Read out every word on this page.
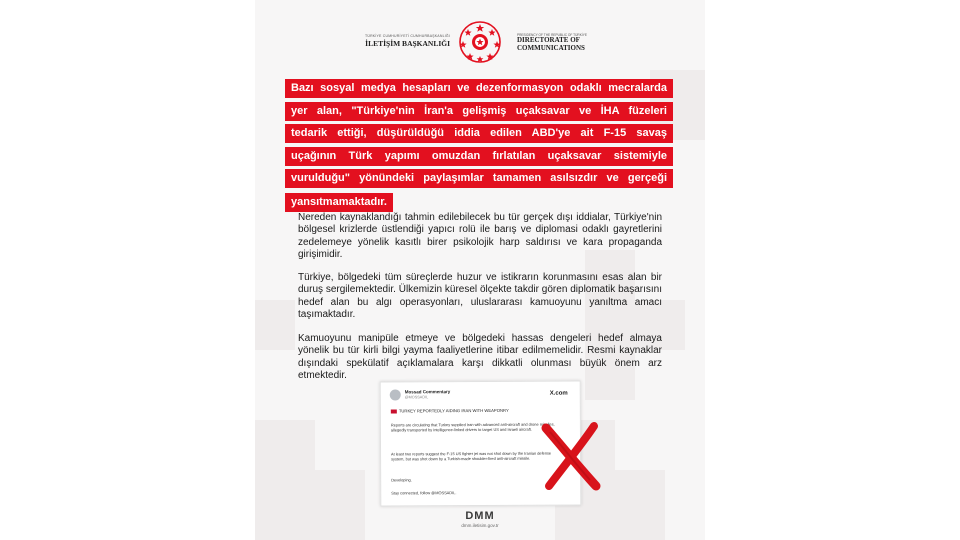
TÜRKİYE CUMHURİYETİ CUMHURBAŞKANLIĞI
İLETİŞİM BAŞKANLIĞI
PRESIDENCY OF THE REPUBLIC OF TÜRKİYE
DIRECTORATE OF
COMMUNICATIONS
Bazı sosyal medya hesapları ve dezenformasyon odaklı mecralarda
yer alan, "Türkiye'nin İran'a gelişmiş uçaksavar ve İHA füzeleri
tedarik ettiği, düşürüldüğü iddia edilen ABD'ye ait F-15 savaş
uçağının Türk yapımı omuzdan fırlatılan uçaksavar sistemiyle
vurulduğu" yönündeki paylaşımlar tamamen asılsızdır ve gerçeği
yansıtmamaktadır.

Nereden kaynaklandığı tahmin edilebilecek bu tür gerçek dışı iddialar, Türkiye'nin bölgesel krizlerde üstlendiği yapıcı rolü ile barış ve diplomasi odaklı gayretlerini zedelemeye yönelik kasıtlı birer psikolojik harp saldırısı ve kara propaganda girişimidir.

Türkiye, bölgedeki tüm süreçlerde huzur ve istikrarın korunmasını esas alan bir duruş sergilemektedir. Ülkemizin küresel ölçekte takdir gören diplomatik başarısını hedef alan bu algı operasyonları, uluslararası kamuoyunu yanıltma amacı taşımaktadır.

Kamuoyunu manipüle etmeye ve bölgedeki hassas dengeleri hedef almaya yönelik bu tür kirli bilgi yayma faaliyetlerine itibar edilmemelidir. Resmi kaynaklar dışındaki spekülatif açıklamalara karşı dikkatli olunması büyük önem arz etmektedir.

Mossad Commentary
@MOSSADIL
X.com
TURKEY REPORTEDLY AIDING IRAN WITH WEAPONRY

Reports are circulating that Turkey supplied Iran with advanced anti-aircraft and drone missiles, allegedly transported by intelligence-linked drivers to target US and Israeli aircraft.

At least two reports suggest the F-15 US fighter jet was not shot down by the Iranian defense system, but was shot down by a Turkish-made shoulder-fired anti-aircraft missile.

Developing.

Stay connected, follow @MOSSADIL.

DMM
dmm.iletisim.gov.tr
